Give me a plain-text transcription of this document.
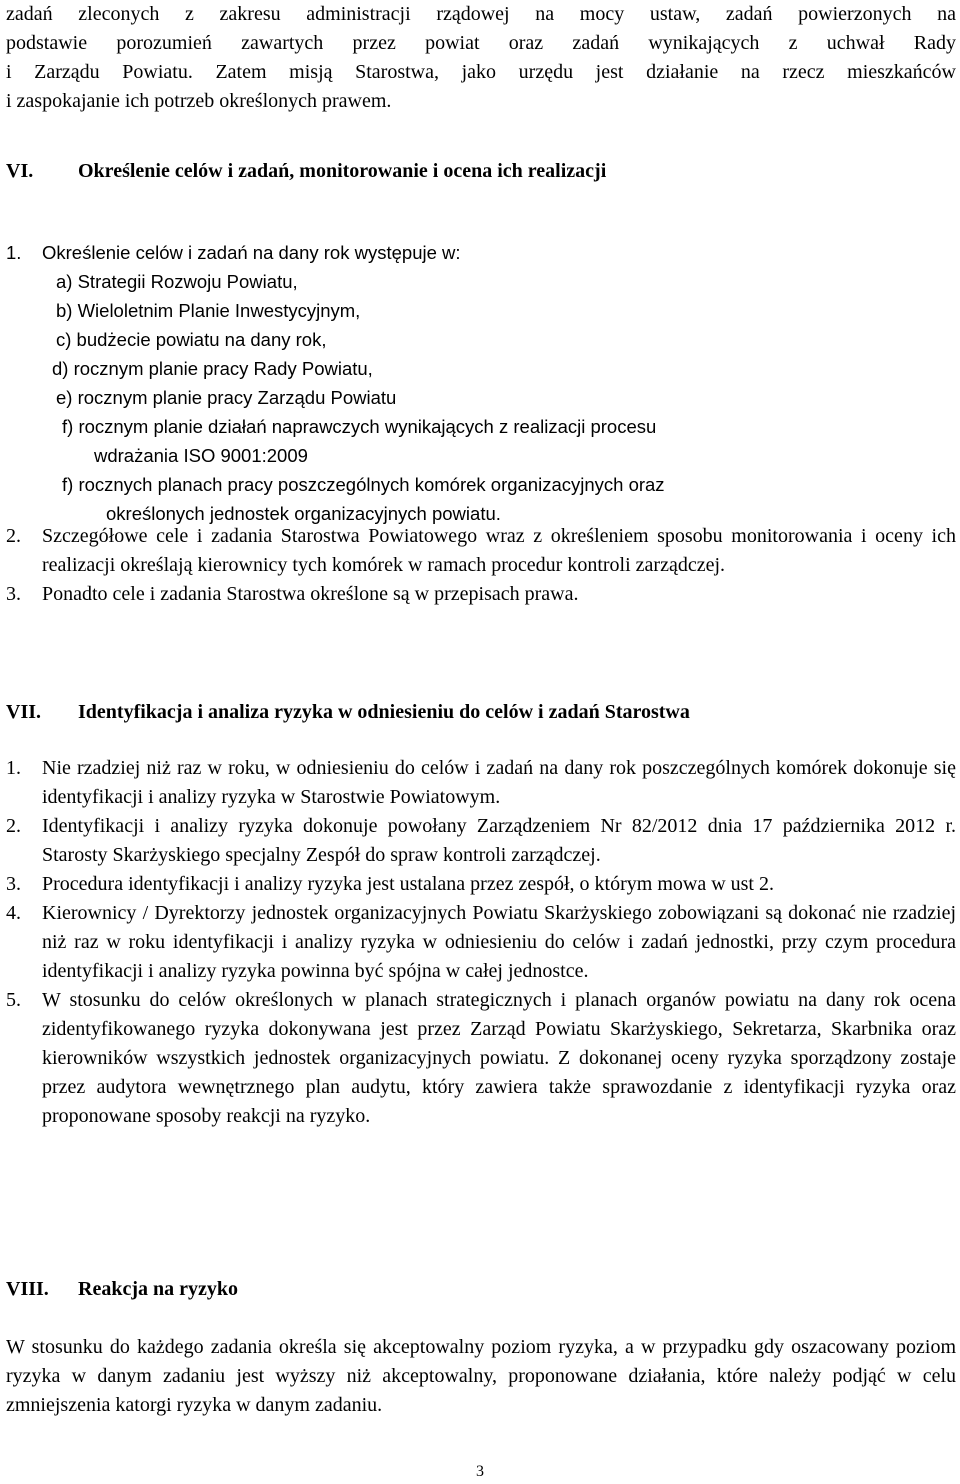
zadań zleconych z zakresu administracji rządowej na mocy ustaw, zadań powierzonych na

podstawie porozumień zawartych przez powiat oraz zadań wynikających z uchwał Rady

i Zarządu Powiatu. Zatem misją Starostwa, jako urzędu jest działanie na rzecz mieszkańców

i zaspokajanie ich potrzeb określonych prawem.

VI. Określenie celów i zadań, monitorowanie i ocena ich realizacji
1. Określenie celów i zadań na dany rok występuje w:
a) Strategii Rozwoju Powiatu,
b) Wieloletnim Planie Inwestycyjnym,
c) budżecie powiatu na dany rok,
d) rocznym planie pracy Rady Powiatu,
e) rocznym planie pracy Zarządu Powiatu
f) rocznym planie działań naprawczych wynikających z realizacji procesu
wdrażania ISO 9001:2009
f) rocznych planach pracy poszczególnych komórek organizacyjnych oraz
określonych jednostek organizacyjnych powiatu.
2. Szczegółowe cele i zadania Starostwa Powiatowego wraz z określeniem sposobu monitorowania i oceny ich realizacji określają kierownicy tych komórek w ramach procedur kontroli zarządczej.
3. Ponadto cele i zadania Starostwa określone są w przepisach prawa.
VII. Identyfikacja i analiza ryzyka w odniesieniu do celów i zadań Starostwa
1. Nie rzadziej niż raz w roku, w odniesieniu do celów i zadań na dany rok poszczególnych komórek dokonuje się identyfikacji i analizy ryzyka w Starostwie Powiatowym.
2. Identyfikacji i analizy ryzyka dokonuje powołany Zarządzeniem Nr 82/2012 dnia 17 października 2012 r. Starosty Skarżyskiego specjalny Zespół do spraw kontroli zarządczej.
3. Procedura identyfikacji i analizy ryzyka jest ustalana przez zespół, o którym mowa w ust 2.
4. Kierownicy / Dyrektorzy jednostek organizacyjnych Powiatu Skarżyskiego zobowiązani są dokonać nie rzadziej niż raz w roku identyfikacji i analizy ryzyka w odniesieniu do celów i zadań jednostki, przy czym procedura identyfikacji i analizy ryzyka powinna być spójna w całej jednostce.
5. W stosunku do celów określonych w planach strategicznych i planach organów powiatu na dany rok ocena zidentyfikowanego ryzyka dokonywana jest przez Zarząd Powiatu Skarżyskiego, Sekretarza, Skarbnika oraz kierowników wszystkich jednostek organizacyjnych powiatu. Z dokonanej oceny ryzyka sporządzony zostaje przez audytora wewnętrznego plan audytu, który zawiera także sprawozdanie z identyfikacji ryzyka oraz proponowane sposoby reakcji na ryzyko.
VIII. Reakcja na ryzyko

W stosunku do każdego zadania określa się akceptowalny poziom ryzyka, a w przypadku gdy oszacowany poziom ryzyka w danym zadaniu jest wyższy niż akceptowalny, proponowane działania, które należy podjąć w celu zmniejszenia katorgi ryzyka w danym zadaniu.

3
